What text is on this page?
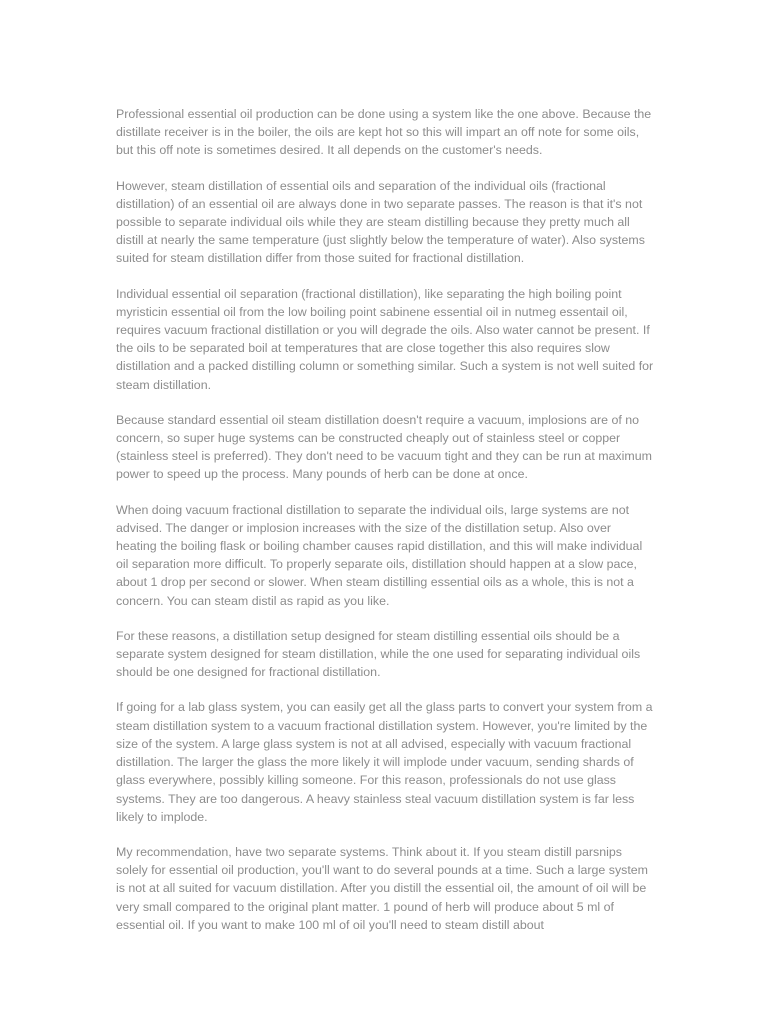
Professional essential oil production can be done using a system like the one above. Because the distillate receiver is in the boiler, the oils are kept hot so this will impart an off note for some oils, but this off note is sometimes desired. It all depends on the customer's needs.

However, steam distillation of essential oils and separation of the individual oils (fractional distillation) of an essential oil are always done in two separate passes. The reason is that it's not possible to separate individual oils while they are steam distilling because they pretty much all distill at nearly the same temperature (just slightly below the temperature of water). Also systems suited for steam distillation differ from those suited for fractional distillation.

Individual essential oil separation (fractional distillation), like separating the high boiling point myristicin essential oil from the low boiling point sabinene essential oil in nutmeg essentail oil, requires vacuum fractional distillation or you will degrade the oils. Also water cannot be present. If the oils to be separated boil at temperatures that are close together this also requires slow distillation and a packed distilling column or something similar. Such a system is not well suited for steam distillation.

Because standard essential oil steam distillation doesn't require a vacuum, implosions are of no concern, so super huge systems can be constructed cheaply out of stainless steel or copper (stainless steel is preferred). They don't need to be vacuum tight and they can be run at maximum power to speed up the process. Many pounds of herb can be done at once.

When doing vacuum fractional distillation to separate the individual oils, large systems are not advised. The danger or implosion increases with the size of the distillation setup. Also over heating the boiling flask or boiling chamber causes rapid distillation, and this will make individual oil separation more difficult. To properly separate oils, distillation should happen at a slow pace, about 1 drop per second or slower. When steam distilling essential oils as a whole, this is not a concern. You can steam distil as rapid as you like.

For these reasons, a distillation setup designed for steam distilling essential oils should be a separate system designed for steam distillation, while the one used for separating individual oils should be one designed for fractional distillation.

If going for a lab glass system, you can easily get all the glass parts to convert your system from a steam distillation system to a vacuum fractional distillation system. However, you're limited by the size of the system. A large glass system is not at all advised, especially with vacuum fractional distillation. The larger the glass the more likely it will implode under vacuum, sending shards of glass everywhere, possibly killing someone. For this reason, professionals do not use glass systems. They are too dangerous. A heavy stainless steal vacuum distillation system is far less likely to implode.

My recommendation, have two separate systems. Think about it. If you steam distill parsnips solely for essential oil production, you'll want to do several pounds at a time. Such a large system is not at all suited for vacuum distillation. After you distill the essential oil, the amount of oil will be very small compared to the original plant matter. 1 pound of herb will produce about 5 ml of essential oil. If you want to make 100 ml of oil you'll need to steam distill about
